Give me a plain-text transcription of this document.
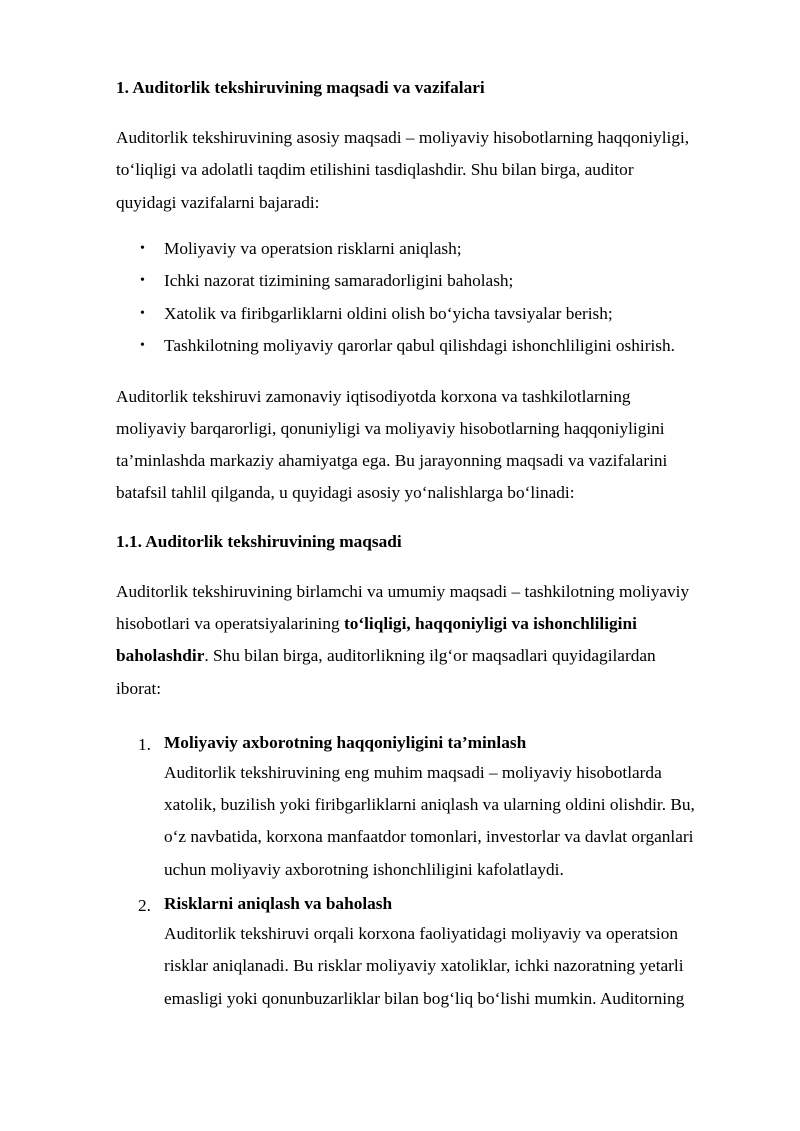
1. Auditorlik tekshiruvining maqsadi va vazifalari

Auditorlik tekshiruvining asosiy maqsadi – moliyaviy hisobotlarning haqqoniyligi,
to‘liqligi va adolatli taqdim etilishini tasdiqlashdir. Shu bilan birga, auditor
quyidagi vazifalarni bajaradi:

• Moliyaviy va operatsion risklarni aniqlash;
• Ichki nazorat tizimining samaradorligini baholash;
• Xatolik va firibgarliklarni oldini olish bo‘yicha tavsiyalar berish;
• Tashkilotning moliyaviy qarorlar qabul qilishdagi ishonchliligini oshirish.

Auditorlik tekshiruvi zamonaviy iqtisodiyotda korxona va tashkilotlarning
moliyaviy barqarorligi, qonuniyligi va moliyaviy hisobotlarning haqqoniyligini
ta’minlashda markaziy ahamiyatga ega. Bu jarayonning maqsadi va vazifalarini
batafsil tahlil qilganda, u quyidagi asosiy yo‘nalishlarga bo‘linadi:

1.1. Auditorlik tekshiruvining maqsadi

Auditorlik tekshiruvining birlamchi va umumiy maqsadi – tashkilotning moliyaviy
hisobotlari va operatsiyalarining to‘liqligi, haqqoniyligi va ishonchliligini
baholashdir. Shu bilan birga, auditorlikning ilg‘or maqsadlari quyidagilardan
iborat:

1. Moliyaviy axborotning haqqoniyligini ta’minlash
Auditorlik tekshiruvining eng muhim maqsadi – moliyaviy hisobotlarda
xatolik, buzilish yoki firibgarliklarni aniqlash va ularning oldini olishdir. Bu,
o‘z navbatida, korxona manfaatdor tomonlari, investorlar va davlat organlari
uchun moliyaviy axborotning ishonchliligini kafolatlaydi.
2. Risklarni aniqlash va baholash
Auditorlik tekshiruvi orqali korxona faoliyatidagi moliyaviy va operatsion
risklar aniqlanadi. Bu risklar moliyaviy xatoliklar, ichki nazoratning yetarli
emasligi yoki qonunbuzarliklar bilan bog‘liq bo‘lishi mumkin. Auditorning
